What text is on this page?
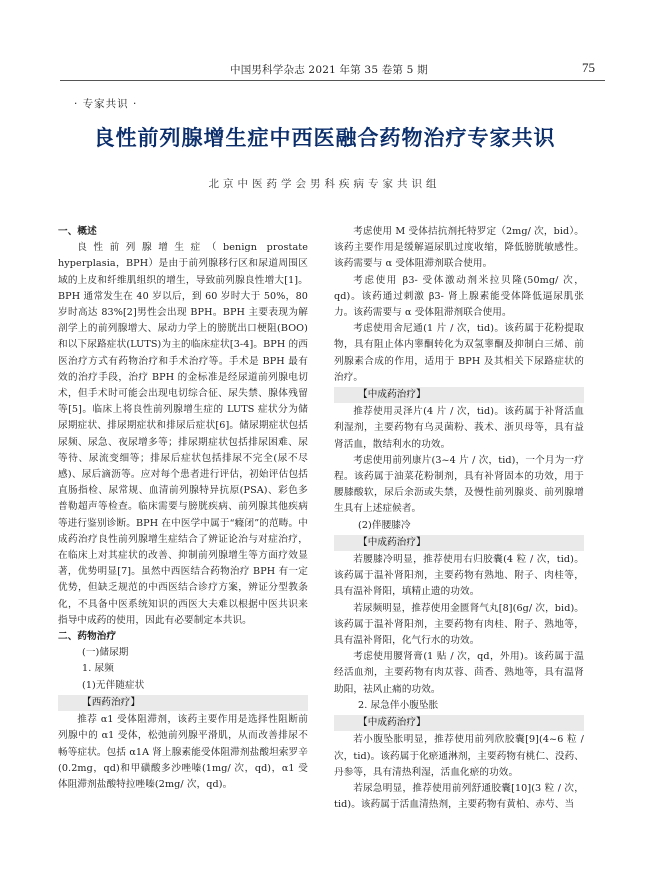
中国男科学杂志 2021 年第 35 卷第 5 期	75
· 专家共识 ·
良性前列腺增生症中西医融合药物治疗专家共识
北京中医药学会男科疾病专家共识组

一、概述

良性前列腺增生症（benign prostate hyperplasia，BPH）是由于前列腺移行区和尿道周围区域的上皮和纤维肌组织的增生，导致前列腺良性增大[1]。BPH 通常发生在 40 岁以后，到 60 岁时大于 50%，80 岁时高达 83%[2]男性会出现 BPH。BPH 主要表现为解剖学上的前列腺增大、尿动力学上的膀胱出口梗阻(BOO)和以下尿路症状(LUTS)为主的临床症状[3-4]。BPH 的西医治疗方式有药物治疗和手术治疗等。手术是 BPH 最有效的治疗手段，治疗 BPH 的金标准是经尿道前列腺电切术，但手术时可能会出现电切综合征、尿失禁、腺体残留等[5]。临床上将良性前列腺增生症的 LUTS 症状分为储尿期症状、排尿期症状和排尿后症状[6]。储尿期症状包括尿频、尿急、夜尿增多等；排尿期症状包括排尿困难、尿等待、尿流变细等；排尿后症状包括排尿不完全(尿不尽感)、尿后滴沥等。应对每个患者进行评估，初始评估包括直肠指检、尿常规、血清前列腺特异抗原(PSA)、彩色多普勒超声等检查。临床需要与膀胱疾病、前列腺其他疾病等进行鉴别诊断。BPH 在中医学中属于“癃闭”的范畴。中成药治疗良性前列腺增生症结合了辨证论治与对症治疗，在临床上对其症状的改善、抑制前列腺增生等方面疗效显著，优势明显[7]。虽然中西医结合药物治疗 BPH 有一定优势，但缺乏规范的中西医结合诊疗方案，辨证分型教条化，不具备中医系统知识的西医大夫难以根据中医共识来指导中成药的使用，因此有必要制定本共识。

二、药物治疗

(一)储尿期

1. 尿频

(1)无伴随症状

【西药治疗】

推荐 α1 受体阻滞剂，该药主要作用是选择性阻断前列腺中的 α1 受体，松弛前列腺平滑肌，从而改善排尿不畅等症状。包括 α1A 肾上腺素能受体阻滞剂盐酸坦索罗辛(0.2mg，qd)和甲磺酸多沙唑嗪(1mg/ 次，qd)，α1 受体阻滞剂盐酸特拉唑嗪(2mg/ 次，qd)。

考虑使用 M 受体拮抗剂托特罗定（2mg/ 次，bid）。该药主要作用是缓解逼尿肌过度收缩，降低膀胱敏感性。该药需要与 α 受体阻滞剂联合使用。

考虑使用 β3- 受体激动剂米拉贝隆(50mg/ 次，qd)。该药通过刺激 β3- 肾上腺素能受体降低逼尿肌张力。该药需要与 α 受体阻滞剂联合使用。

考虑使用舍尼通(1 片 / 次，tid)。该药属于花粉提取物，具有阻止体内睾酮转化为双氢睾酮及抑制白三烯、前列腺素合成的作用，适用于 BPH 及其相关下尿路症状的治疗。

【中成药治疗】

推荐使用灵泽片(4 片 / 次，tid)。该药属于补肾活血利湿剂，主要药物有乌灵菌粉、莪术、浙贝母等，具有益肾活血，散结利水的功效。

考虑使用前列康片(3~4 片 / 次，tid)，一个月为一疗程。该药属于油菜花粉制剂，具有补肾固本的功效，用于腰膝酸软，尿后余沥或失禁，及慢性前列腺炎、前列腺增生具有上述症候者。

(2)伴腰膝冷

【中成药治疗】

若腰膝冷明显，推荐使用右归胶囊(4 粒 / 次，tid)。该药属于温补肾阳剂，主要药物有熟地、附子、肉桂等，具有温补肾阳，填精止遗的功效。

若尿频明显，推荐使用金匮肾气丸[8](6g/ 次，bid)。该药属于温补肾阳剂，主要药物有肉桂、附子、熟地等，具有温补肾阳，化气行水的功效。

考虑使用腰肾膏(1 贴 / 次，qd，外用)。该药属于温经活血剂，主要药物有肉苁蓉、茴香、熟地等，具有温肾助阳，祛风止痛的功效。

2. 尿急伴小腹坠胀

【中成药治疗】

若小腹坠胀明显，推荐使用前列欣胶囊[9](4~6 粒 / 次，tid)。该药属于化瘀通淋剂，主要药物有桃仁、没药、丹参等，具有清热利湿，活血化瘀的功效。

若尿急明显，推荐使用前列舒通胶囊[10](3 粒 / 次，tid)。该药属于活血清热剂，主要药物有黄柏、赤芍、当
